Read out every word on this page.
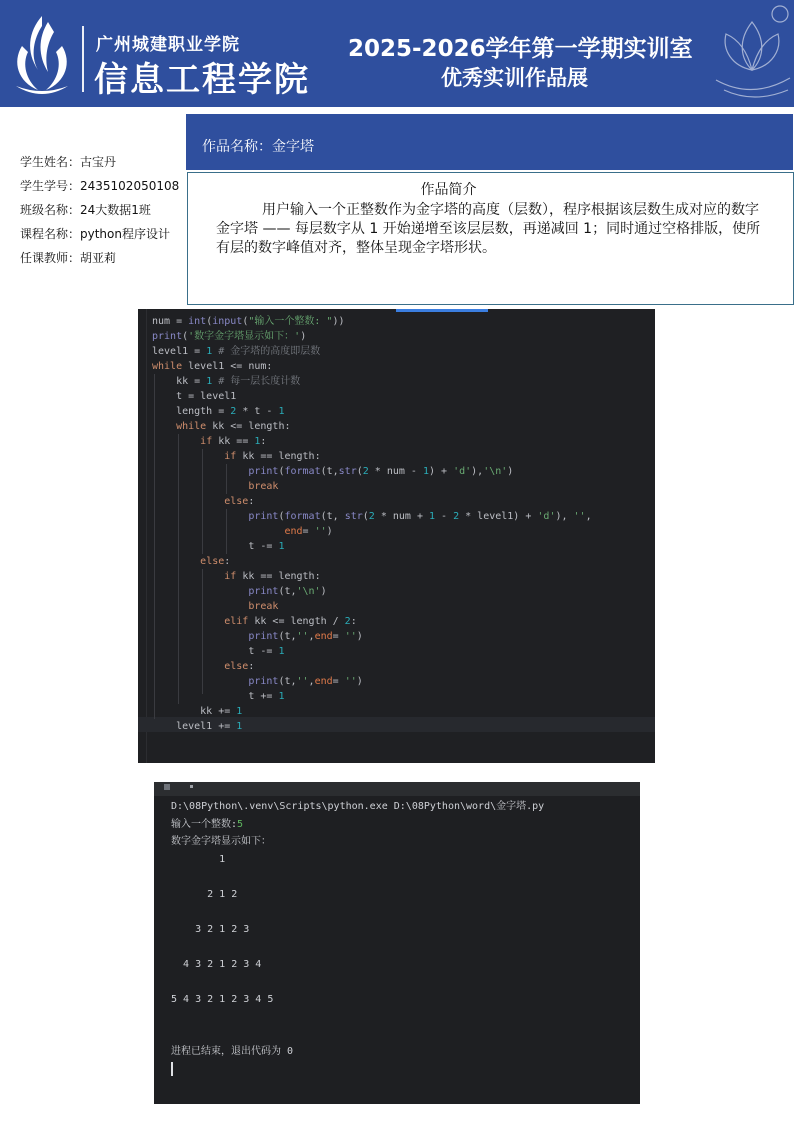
广州城建职业学院
信息工程学院
2025-2026学年第一学期实训室
优秀实训作品展
学生姓名：古宝丹
学生学号：2435102050108
班级名称：24大数据1班
课程名称：python程序设计
任课教师：胡亚莉
作品名称：金字塔
作品简介
用户输入一个正整数作为金字塔的高度（层数），程序根据该层数生成对应的数字金字塔 —— 每层数字从 1 开始递增至该层层数，再递减回 1；同时通过空格排版，使所有层的数字峰值对齐，整体呈现金字塔形状。
num = int(input("输入一个整数: "))
print('数字金字塔显示如下：')
level1 = 1 # 金字塔的高度即层数
while level1 <= num:
kk = 1 # 每一层长度计数
t = level1
length = 2 * t - 1
while kk <= length:
if kk == 1:
if kk == length:
print(format(t,str(2 * num - 1) + 'd'),'\n')
break
else:
print(format(t, str(2 * num + 1 - 2 * level1) + 'd'), '',
end= '')
t -= 1
else:
if kk == length:
print(t,'\n')
break
elif kk <= length / 2:
print(t,'',end= '')
t -= 1
else:
print(t,'',end= '')
t += 1
kk += 1
level1 += 1
D:\08Python\.venv\Scripts\python.exe D:\08Python\word\金字塔.py
输入一个整数:5
数字金字塔显示如下：
1
2 1 2
3 2 1 2 3
4 3 2 1 2 3 4
5 4 3 2 1 2 3 4 5
进程已结束，退出代码为 0
